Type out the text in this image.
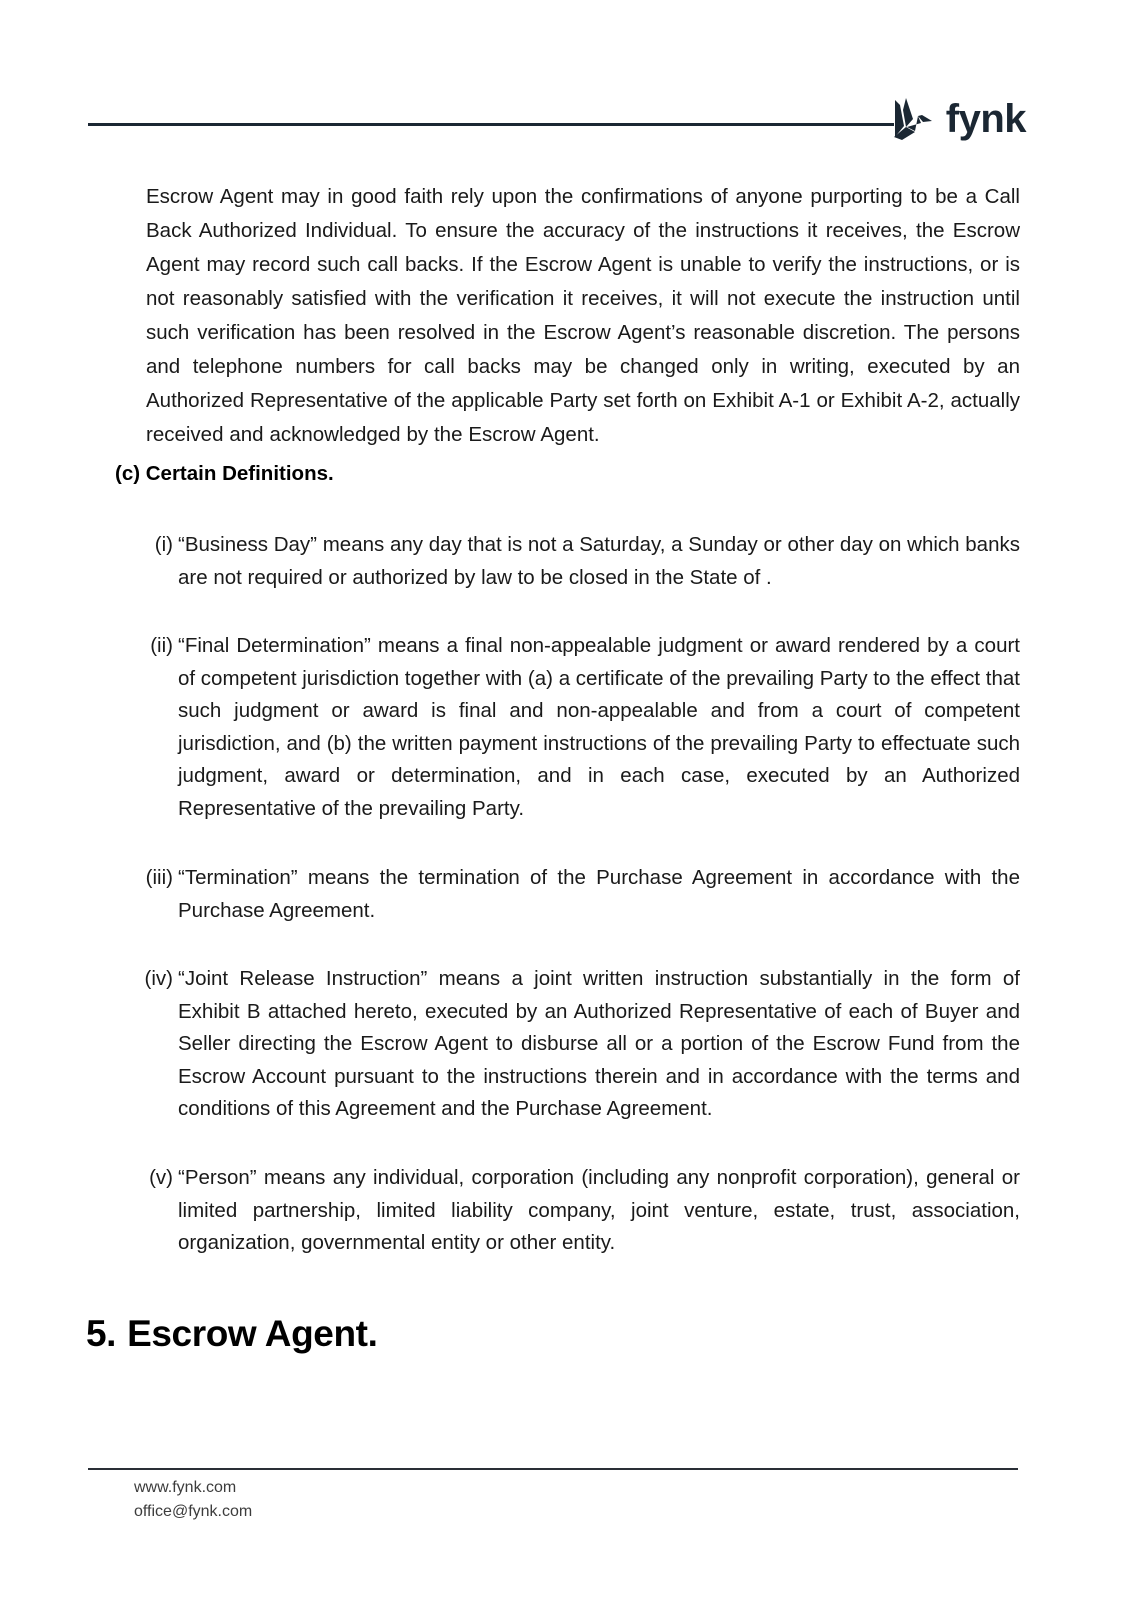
fynk

Escrow Agent may in good faith rely upon the confirmations of anyone purporting to be a Call Back Authorized Individual. To ensure the accuracy of the instructions it receives, the Escrow Agent may record such call backs. If the Escrow Agent is unable to verify the instructions, or is not reasonably satisfied with the verification it receives, it will not execute the instruction until such verification has been resolved in the Escrow Agent’s reasonable discretion. The persons and telephone numbers for call backs may be changed only in writing, executed by an Authorized Representative of the applicable Party set forth on Exhibit A-1 or Exhibit A-2, actually received and acknowledged by the Escrow Agent.

(c) Certain Definitions.
(i) “Business Day” means any day that is not a Saturday, a Sunday or other day on which banks are not required or authorized by law to be closed in the State of .
(ii) “Final Determination” means a final non-appealable judgment or award rendered by a court of competent jurisdiction together with (a) a certificate of the prevailing Party to the effect that such judgment or award is final and non-appealable and from a court of competent jurisdiction, and (b) the written payment instructions of the prevailing Party to effectuate such judgment, award or determination, and in each case, executed by an Authorized Representative of the prevailing Party.
(iii) “Termination” means the termination of the Purchase Agreement in accordance with the Purchase Agreement.
(iv) “Joint Release Instruction” means a joint written instruction substantially in the form of Exhibit B attached hereto, executed by an Authorized Representative of each of Buyer and Seller directing the Escrow Agent to disburse all or a portion of the Escrow Fund from the Escrow Account pursuant to the instructions therein and in accordance with the terms and conditions of this Agreement and the Purchase Agreement.
(v) “Person” means any individual, corporation (including any nonprofit corporation), general or limited partnership, limited liability company, joint venture, estate, trust, association, organization, governmental entity or other entity.
5. Escrow Agent.
www.fynk.com
office@fynk.com
